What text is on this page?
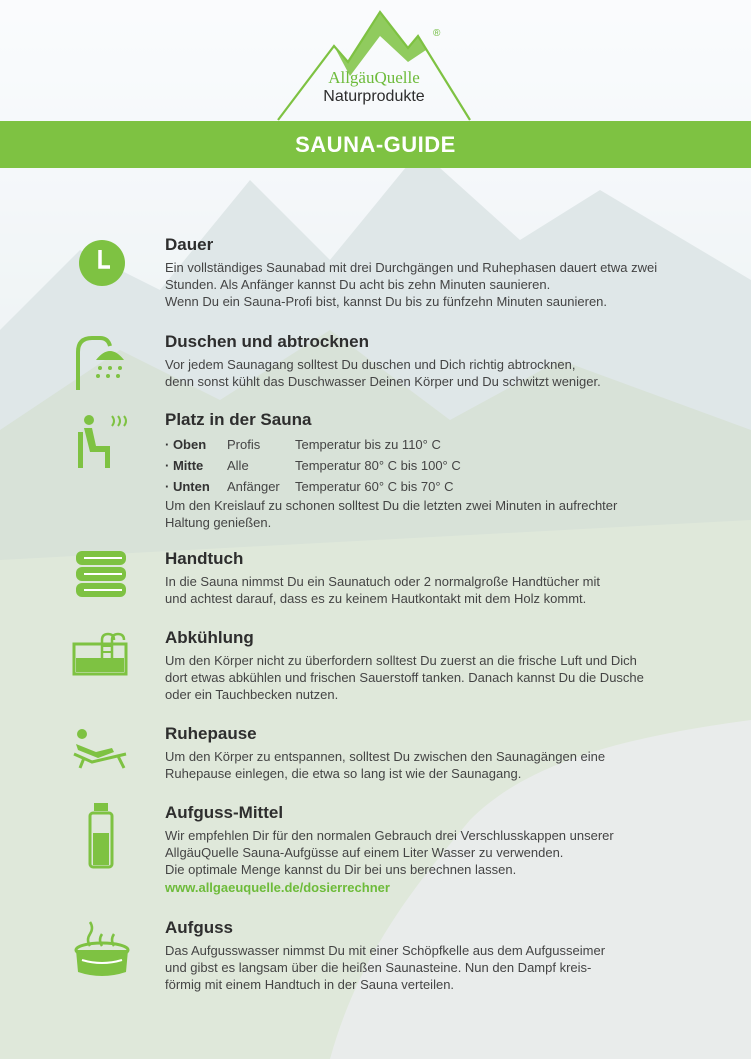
®
AllgäuQuelle
Naturprodukte
SAUNA-GUIDE
Dauer
Ein vollständiges Saunabad mit drei Durchgängen und Ruhephasen dauert etwa zwei
Stunden. Als Anfänger kannst Du acht bis zehn Minuten saunieren.
Wenn Du ein Sauna-Profi bist, kannst Du bis zu fünfzehn Minuten saunieren.
Duschen und abtrocknen
Vor jedem Saunagang solltest Du duschen und Dich richtig abtrocknen,
denn sonst kühlt das Duschwasser Deinen Körper und Du schwitzt weniger.
Platz in der Sauna
· Oben	Profis	Temperatur bis zu 110° C
· Mitte	Alle	Temperatur 80° C bis 100° C
· Unten	Anfänger	Temperatur 60° C bis 70° C
Um den Kreislauf zu schonen solltest Du die letzten zwei Minuten in aufrechter
Haltung genießen.
Handtuch
In die Sauna nimmst Du ein Saunatuch oder 2 normalgroße Handtücher mit
und achtest darauf, dass es zu keinem Hautkontakt mit dem Holz kommt.
Abkühlung
Um den Körper nicht zu überfordern solltest Du zuerst an die frische Luft und Dich
dort etwas abkühlen und frischen Sauerstoff tanken. Danach kannst Du die Dusche
oder ein Tauchbecken nutzen.
Ruhepause
Um den Körper zu entspannen, solltest Du zwischen den Saunagängen eine
Ruhepause einlegen, die etwa so lang ist wie der Saunagang.
Aufguss-Mittel
Wir empfehlen Dir für den normalen Gebrauch drei Verschlusskappen unserer
AllgäuQuelle Sauna-Aufgüsse auf einem Liter Wasser zu verwenden.
Die optimale Menge kannst du Dir bei uns berechnen lassen.
www.allgaeuquelle.de/dosierrechner
Aufguss
Das Aufgusswasser nimmst Du mit einer Schöpfkelle aus dem Aufgusseimer
und gibst es langsam über die heißen Saunasteine. Nun den Dampf kreis-
förmig mit einem Handtuch in der Sauna verteilen.
